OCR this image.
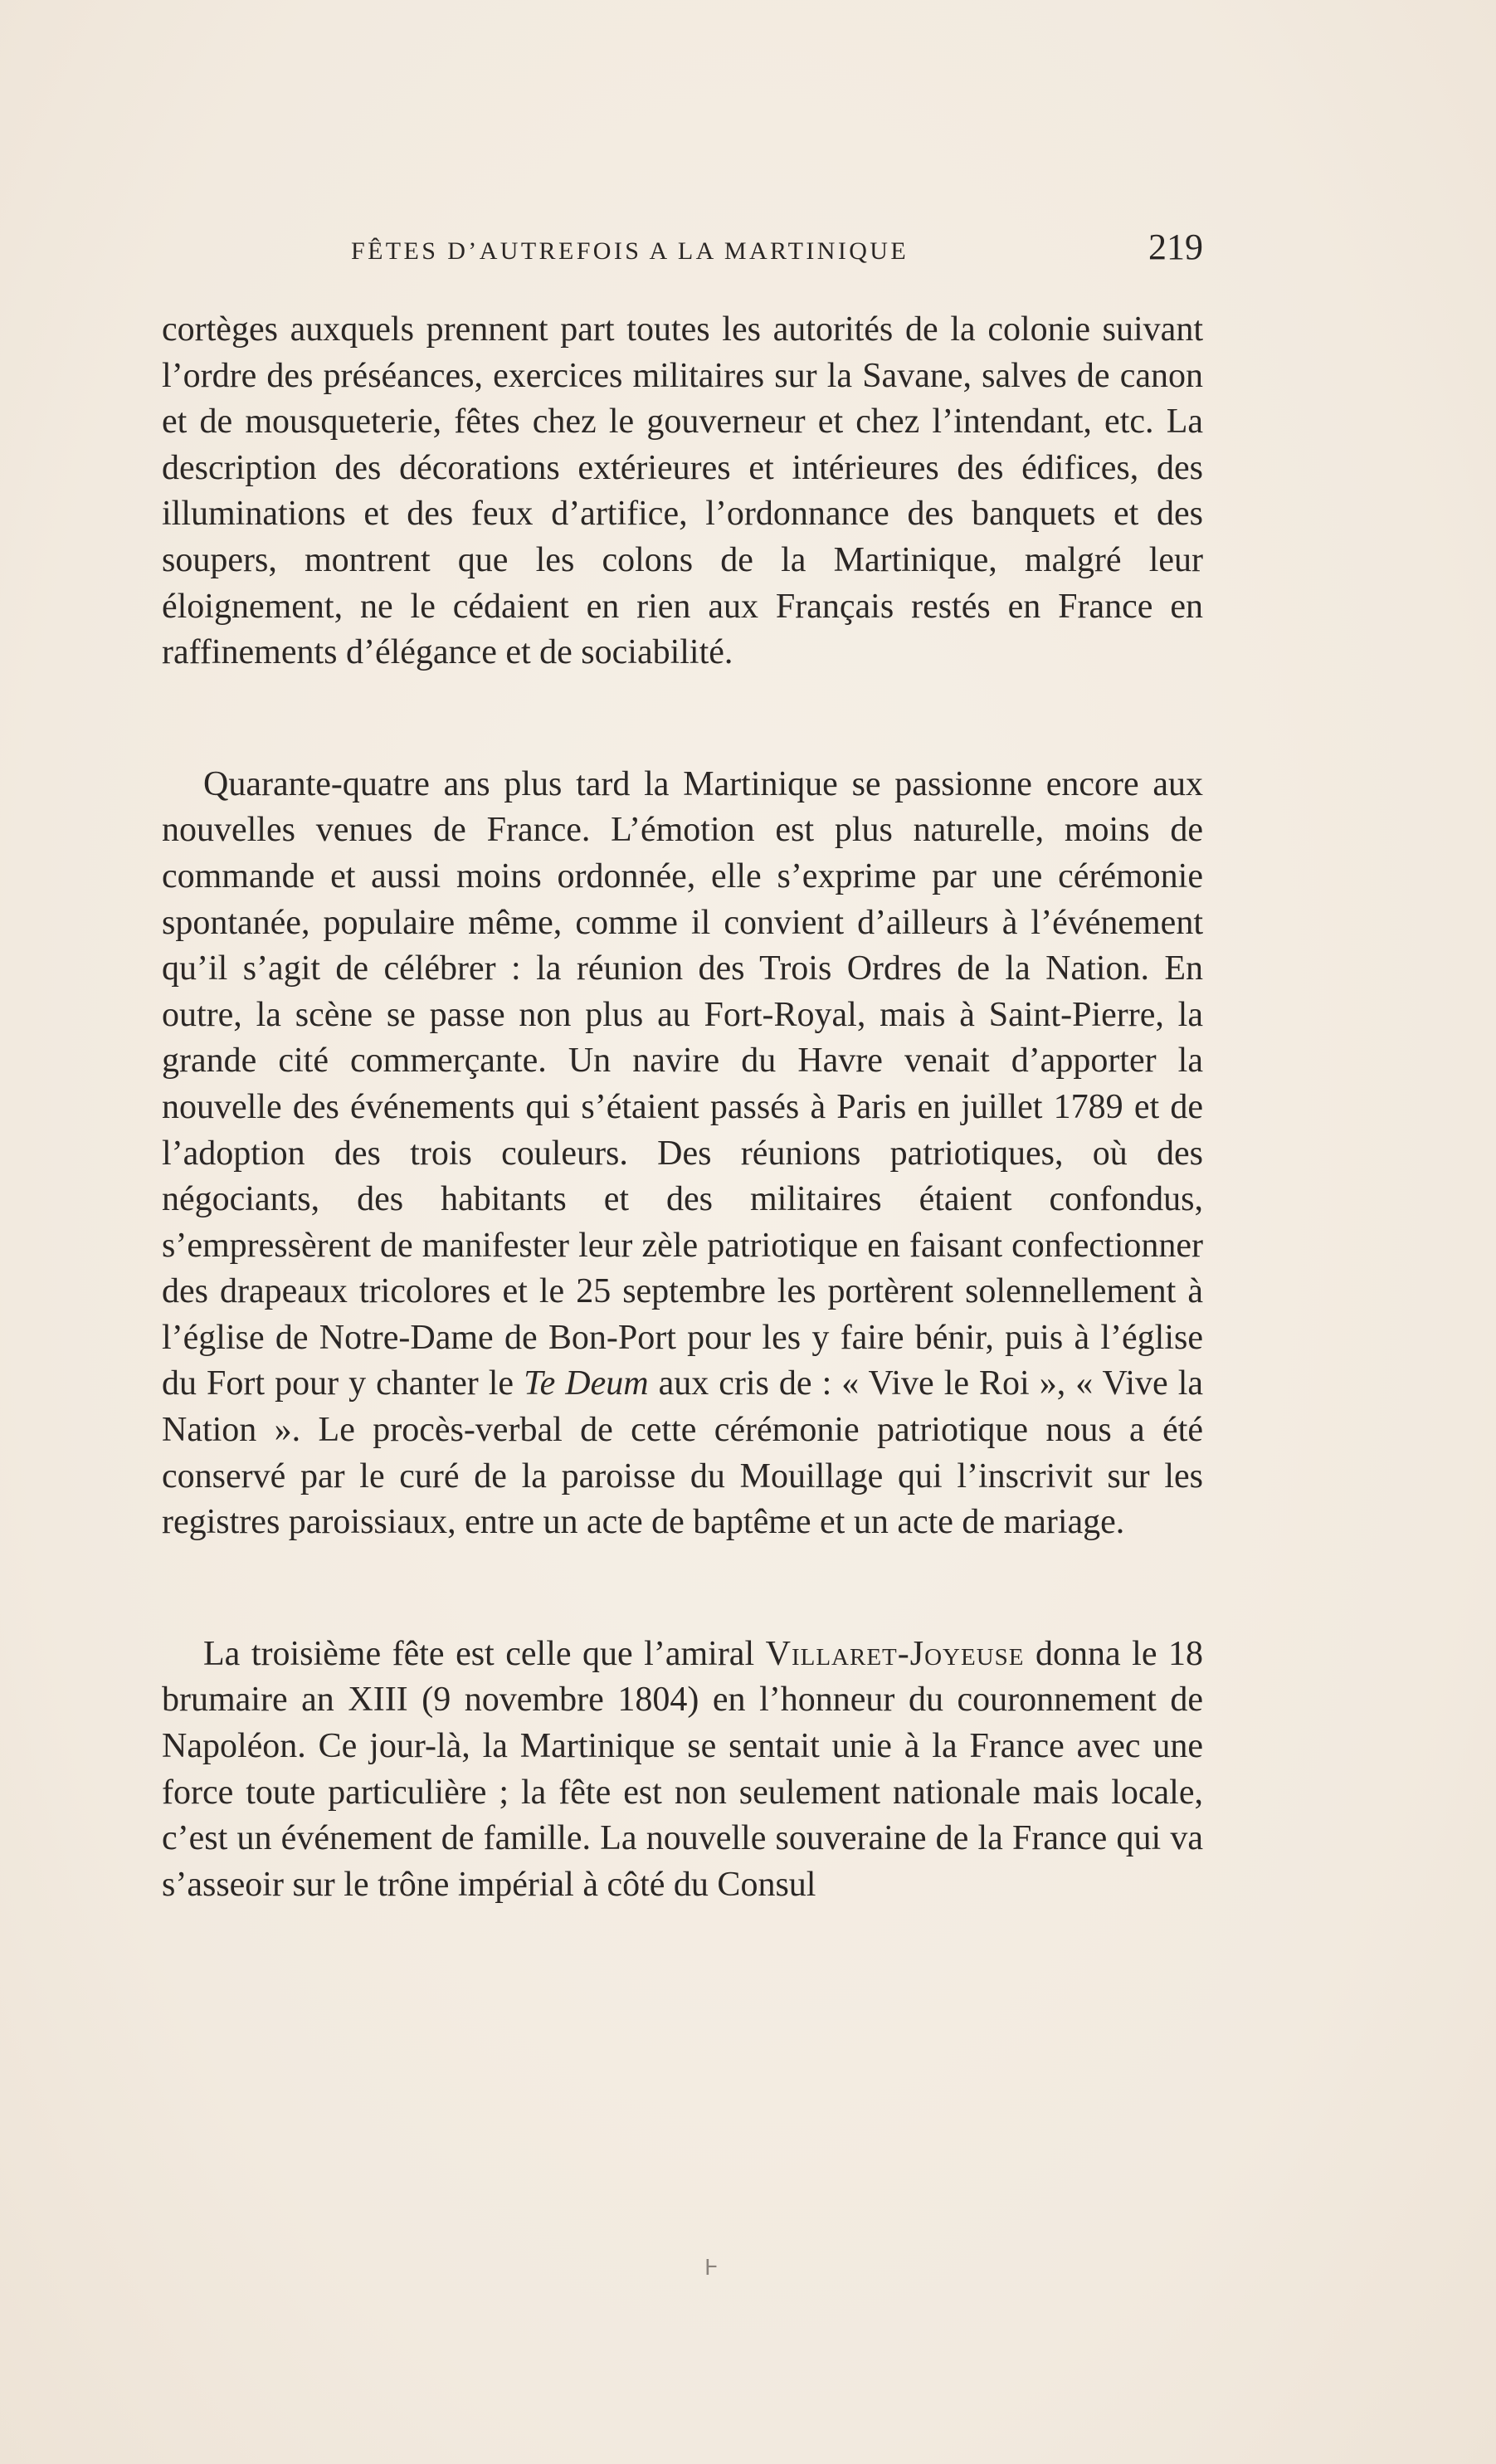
FÊTES D’AUTREFOIS A LA MARTINIQUE	219

cortèges auxquels prennent part toutes les autorités de la colonie suivant l’ordre des préséances, exercices militaires sur la Savane, salves de canon et de mousqueterie, fêtes chez le gouverneur et chez l’intendant, etc. La description des décorations extérieures et intérieures des édifices, des illuminations et des feux d’artifice, l’ordonnance des banquets et des soupers, montrent que les colons de la Martinique, malgré leur éloignement, ne le cédaient en rien aux Français restés en France en raffinements d’élégance et de sociabilité.

Quarante-quatre ans plus tard la Martinique se passionne encore aux nouvelles venues de France. L’émotion est plus naturelle, moins de commande et aussi moins ordonnée, elle s’exprime par une cérémonie spontanée, populaire même, comme il convient d’ailleurs à l’événement qu’il s’agit de célébrer : la réunion des Trois Ordres de la Nation. En outre, la scène se passe non plus au Fort-Royal, mais à Saint-Pierre, la grande cité commerçante. Un navire du Havre venait d’apporter la nouvelle des événements qui s’étaient passés à Paris en juillet 1789 et de l’adoption des trois couleurs. Des réunions patriotiques, où des négociants, des habitants et des militaires étaient confondus, s’empressèrent de manifester leur zèle patriotique en faisant confectionner des drapeaux tricolores et le 25 septembre les portèrent solennellement à l’église de Notre-Dame de Bon-Port pour les y faire bénir, puis à l’église du Fort pour y chanter le Te Deum aux cris de : « Vive le Roi », « Vive la Nation ». Le procès-verbal de cette cérémonie patriotique nous a été conservé par le curé de la paroisse du Mouillage qui l’inscrivit sur les registres paroissiaux, entre un acte de baptême et un acte de mariage.

La troisième fête est celle que l’amiral Villaret-Joyeuse donna le 18 brumaire an XIII (9 novembre 1804) en l’honneur du couronnement de Napoléon. Ce jour-là, la Martinique se sentait unie à la France avec une force toute particulière ; la fête est non seulement nationale mais locale, c’est un événement de famille. La nouvelle souveraine de la France qui va s’asseoir sur le trône impérial à côté du Consul

Ⱶ
